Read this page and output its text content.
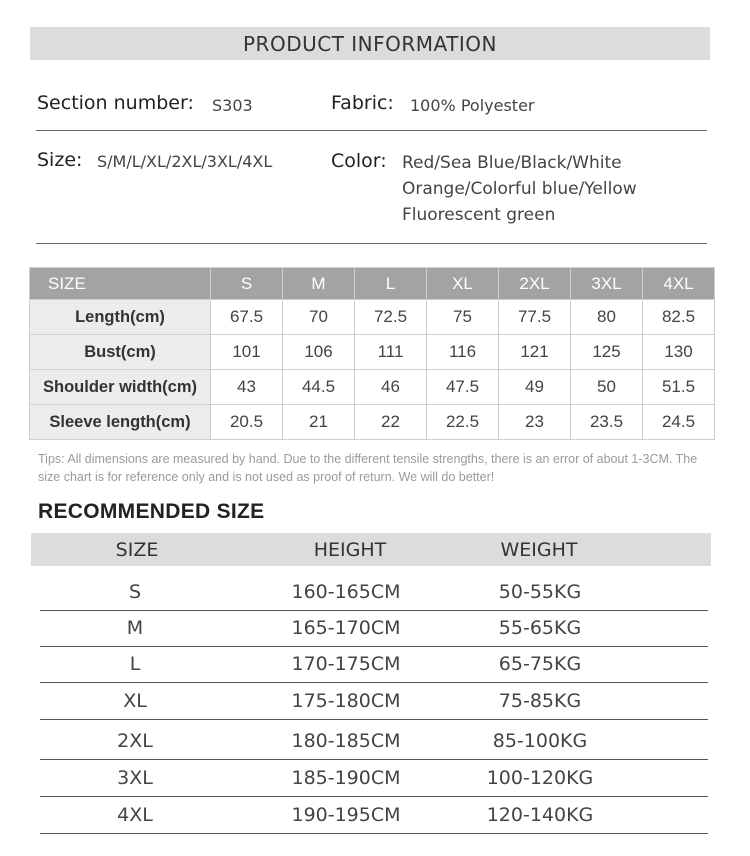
PRODUCT INFORMATION
Section number: S303	Fabric: 100% Polyester
Size: S/M/L/XL/2XL/3XL/4XL	Color: Red/Sea Blue/Black/White
Orange/Colorful blue/Yellow
Fluorescent green
SIZE	S	M	L	XL	2XL	3XL	4XL
Length(cm)	67.5	70	72.5	75	77.5	80	82.5
Bust(cm)	101	106	111	116	121	125	130
Shoulder width(cm)	43	44.5	46	47.5	49	50	51.5
Sleeve length(cm)	20.5	21	22	22.5	23	23.5	24.5
Tips: All dimensions are measured by hand. Due to the different tensile strengths, there is an error of about 1-3CM. The size chart is for reference only and is not used as proof of return. We will do better!
RECOMMENDED SIZE
SIZE	HEIGHT	WEIGHT
S	160-165CM	50-55KG
M	165-170CM	55-65KG
L	170-175CM	65-75KG
XL	175-180CM	75-85KG
2XL	180-185CM	85-100KG
3XL	185-190CM	100-120KG
4XL	190-195CM	120-140KG
